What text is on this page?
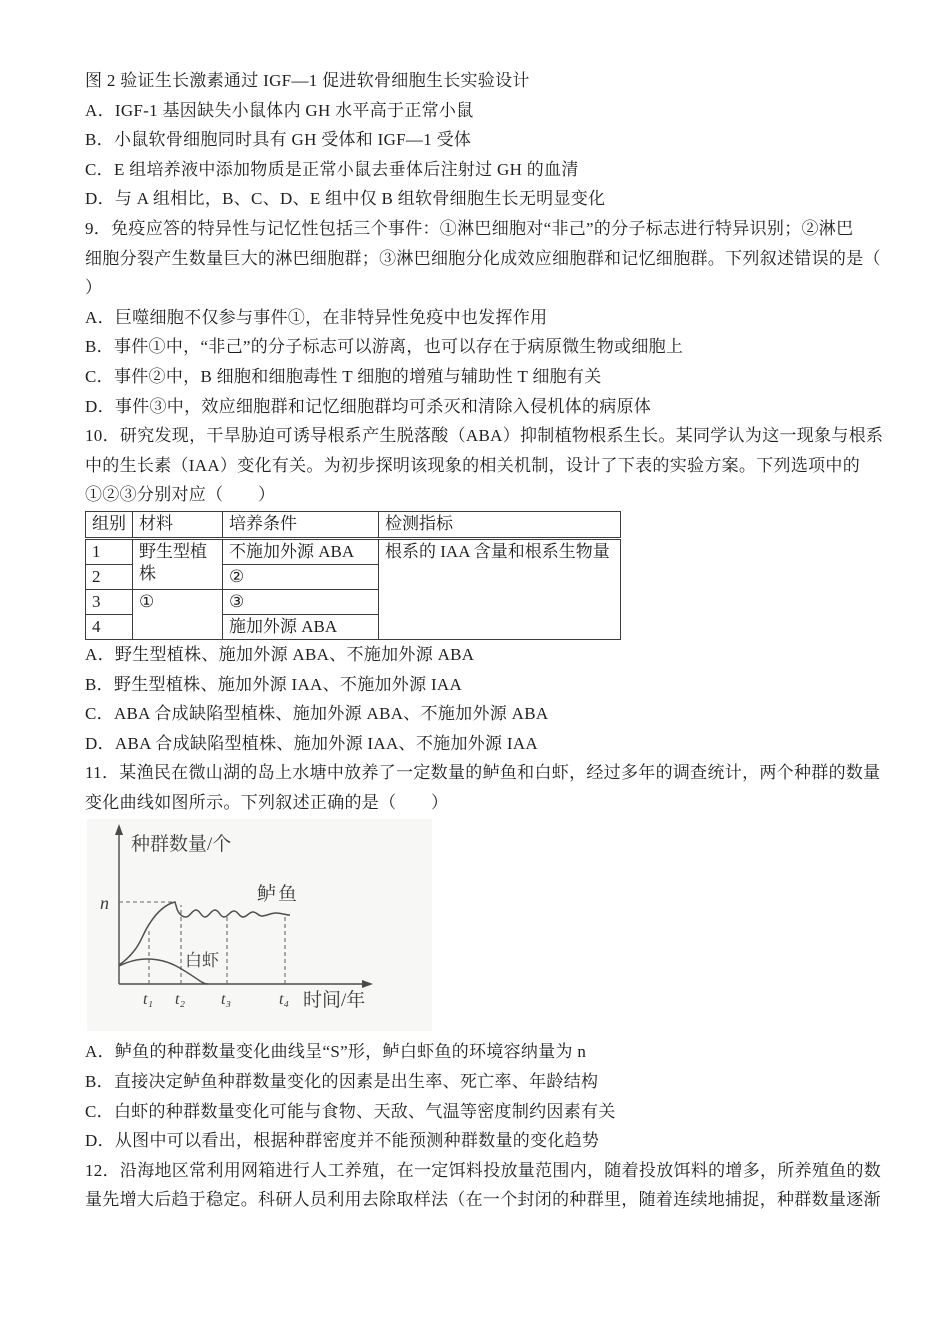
图 2 验证生长激素通过 IGF—1 促进软骨细胞生长实验设计

A．IGF-1 基因缺失小鼠体内 GH 水平高于正常小鼠

B．小鼠软骨细胞同时具有 GH 受体和 IGF—1 受体

C．E 组培养液中添加物质是正常小鼠去垂体后注射过 GH 的血清

D．与 A 组相比，B、C、D、E 组中仅 B 组软骨细胞生长无明显变化

9．免疫应答的特异性与记忆性包括三个事件：①淋巴细胞对“非己”的分子标志进行特异识别；②淋巴

细胞分裂产生数量巨大的淋巴细胞群；③淋巴细胞分化成效应细胞群和记忆细胞群。下列叙述错误的是（

）

A．巨噬细胞不仅参与事件①，在非特异性免疫中也发挥作用

B．事件①中，“非己”的分子标志可以游离，也可以存在于病原微生物或细胞上

C．事件②中，B 细胞和细胞毒性 T 细胞的增殖与辅助性 T 细胞有关

D．事件③中，效应细胞群和记忆细胞群均可杀灭和清除入侵机体的病原体

10．研究发现，干旱胁迫可诱导根系产生脱落酸（ABA）抑制植物根系生长。某同学认为这一现象与根系

中的生长素（IAA）变化有关。为初步探明该现象的相关机制，设计了下表的实验方案。下列选项中的

①②③分别对应（　　）

组别	材料	培养条件	检测指标
1	野生型植株	不施加外源 ABA	根系的 IAA 含量和根系生物量
2		②	
3	①	③	
4		施加外源 ABA	

A．野生型植株、施加外源 ABA、不施加外源 ABA

B．野生型植株、施加外源 IAA、不施加外源 IAA

C．ABA 合成缺陷型植株、施加外源 ABA、不施加外源 ABA

D．ABA 合成缺陷型植株、施加外源 IAA、不施加外源 IAA

11．某渔民在微山湖的岛上水塘中放养了一定数量的鲈鱼和白虾，经过多年的调查统计，两个种群的数量

变化曲线如图所示。下列叙述正确的是（　　）

种群数量/个
n	鲈鱼
白虾
t₁ t₂ t₃	t₄ 时间/年

A．鲈鱼的种群数量变化曲线呈“S”形，鲈白虾鱼的环境容纳量为 n

B．直接决定鲈鱼种群数量变化的因素是出生率、死亡率、年龄结构

C．白虾的种群数量变化可能与食物、天敌、气温等密度制约因素有关

D．从图中可以看出，根据种群密度并不能预测种群数量的变化趋势

12．沿海地区常利用网箱进行人工养殖，在一定饵料投放量范围内，随着投放饵料的增多，所养殖鱼的数

量先增大后趋于稳定。科研人员利用去除取样法（在一个封闭的种群里，随着连续地捕捉，种群数量逐渐
